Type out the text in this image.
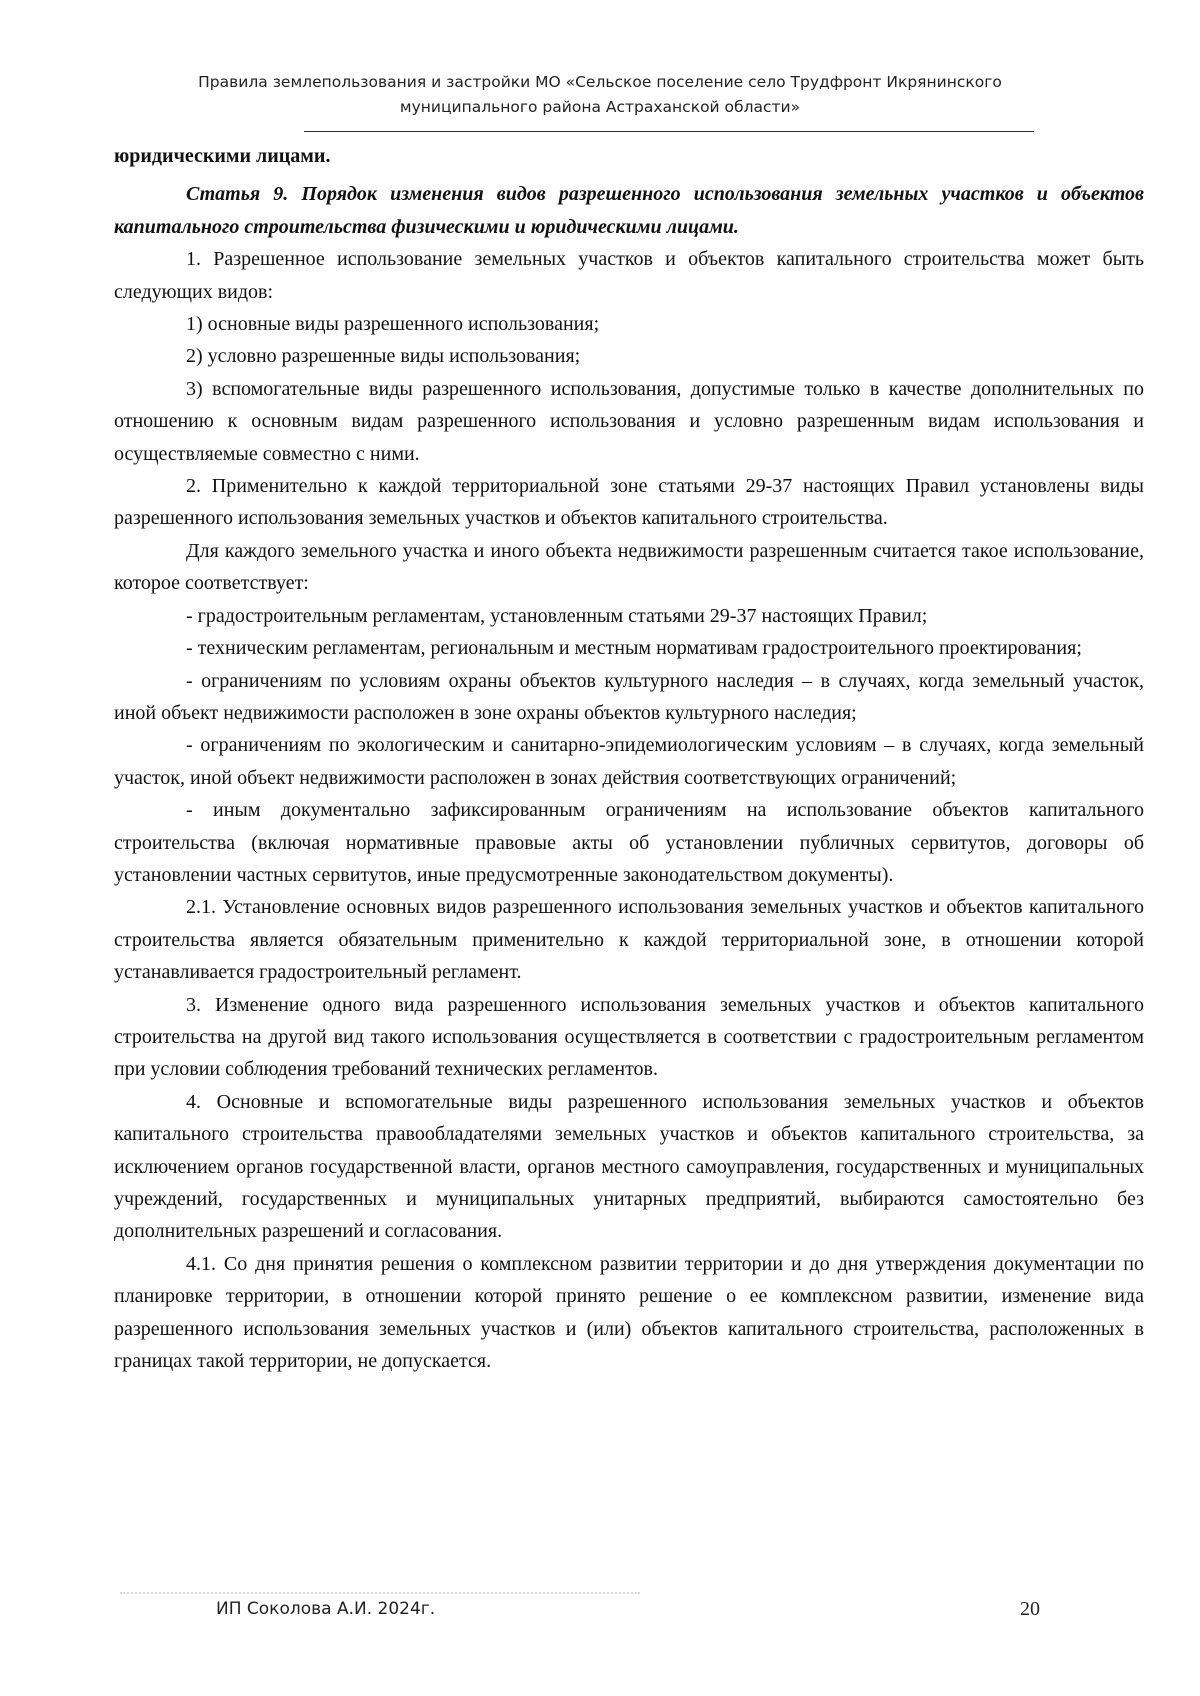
Правила землепользования и застройки МО «Сельское поселение село Трудфронт Икрянинского
муниципального района Астраханской области»

юридическими лицами.

Статья 9. Порядок изменения видов разрешенного использования земельных участков и объектов капитального строительства физическими и юридическими лицами.

1. Разрешенное использование земельных участков и объектов капитального строительства может быть следующих видов:

1) основные виды разрешенного использования;

2) условно разрешенные виды использования;

3) вспомогательные виды разрешенного использования, допустимые только в качестве дополнительных по отношению к основным видам разрешенного использования и условно разрешенным видам использования и осуществляемые совместно с ними.

2. Применительно к каждой территориальной зоне статьями 29-37 настоящих Правил установлены виды разрешенного использования земельных участков и объектов капитального строительства.

Для каждого земельного участка и иного объекта недвижимости разрешенным считается такое использование, которое соответствует:

- градостроительным регламентам, установленным статьями 29-37 настоящих Правил;

- техническим регламентам, региональным и местным нормативам градостроительного проектирования;

- ограничениям по условиям охраны объектов культурного наследия – в случаях, когда земельный участок, иной объект недвижимости расположен в зоне охраны объектов культурного наследия;

- ограничениям по экологическим и санитарно-эпидемиологическим условиям – в случаях, когда земельный участок, иной объект недвижимости расположен в зонах действия соответствующих ограничений;

- иным документально зафиксированным ограничениям на использование объектов капитального строительства (включая нормативные правовые акты об установлении публичных сервитутов, договоры об установлении частных сервитутов, иные предусмотренные законодательством документы).

2.1. Установление основных видов разрешенного использования земельных участков и объектов капитального строительства является обязательным применительно к каждой территориальной зоне, в отношении которой устанавливается градостроительный регламент.

3. Изменение одного вида разрешенного использования земельных участков и объектов капитального строительства на другой вид такого использования осуществляется в соответствии с градостроительным регламентом при условии соблюдения требований технических регламентов.

4. Основные и вспомогательные виды разрешенного использования земельных участков и объектов капитального строительства правообладателями земельных участков и объектов капитального строительства, за исключением органов государственной власти, органов местного самоуправления, государственных и муниципальных учреждений, государственных и муниципальных унитарных предприятий, выбираются самостоятельно без дополнительных разрешений и согласования.

4.1. Со дня принятия решения о комплексном развитии территории и до дня утверждения документации по планировке территории, в отношении которой принято решение о ее комплексном развитии, изменение вида разрешенного использования земельных участков и (или) объектов капитального строительства, расположенных в границах такой территории, не допускается.

ИП Соколова А.И. 2024г.	20
